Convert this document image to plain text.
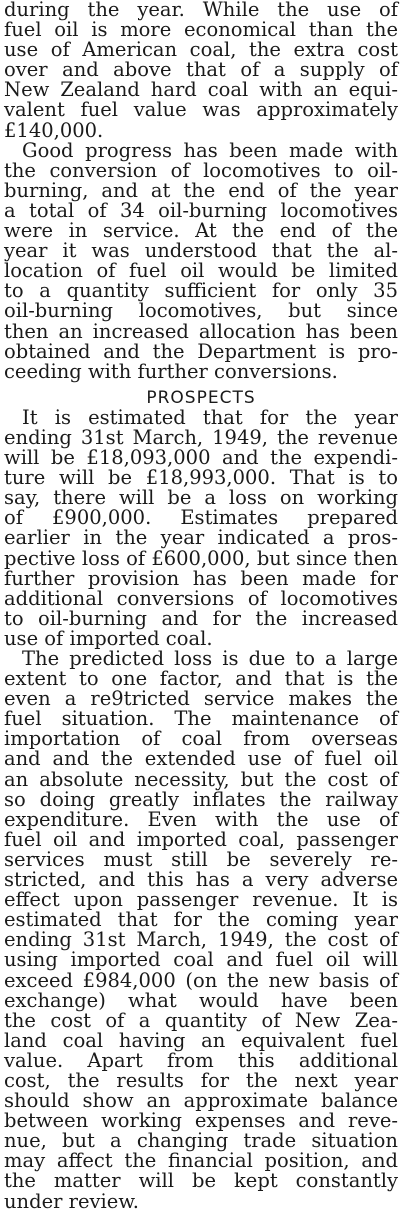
during the year. While the use of
fuel oil is more economical than the
use of American coal, the extra cost
over and above that of a supply of
New Zealand hard coal with an equi-
valent fuel value was approximately
£140,000.
Good progress has been made with
the conversion of locomotives to oil-
burning, and at the end of the year
a total of 34 oil-burning locomotives
were in service. At the end of the
year it was understood that the al-
location of fuel oil would be limited
to a quantity sufficient for only 35
oil-burning locomotives, but since
then an increased allocation has been
obtained and the Department is pro-
ceeding with further conversions.
PROSPECTS
It is estimated that for the year
ending 31st March, 1949, the revenue
will be £18,093,000 and the expendi-
ture will be £18,993,000. That is to
say, there will be a loss on working
of £900,000. Estimates prepared
earlier in the year indicated a pros-
pective loss of £600,000, but since then
further provision has been made for
additional conversions of locomotives
to oil-burning and for the increased
use of imported coal.
The predicted loss is due to a large
extent to one factor, and that is the
even a re9tricted service makes the
fuel situation. The maintenance of
importation of coal from overseas
and and the extended use of fuel oil
an absolute necessity, but the cost of
so doing greatly inflates the railway
expenditure. Even with the use of
fuel oil and imported coal, passenger
services must still be severely re-
stricted, and this has a very adverse
effect upon passenger revenue. It is
estimated that for the coming year
ending 31st March, 1949, the cost of
using imported coal and fuel oil will
exceed £984,000 (on the new basis of
exchange) what would have been
the cost of a quantity of New Zea-
land coal having an equivalent fuel
value. Apart from this additional
cost, the results for the next year
should show an approximate balance
between working expenses and reve-
nue, but a changing trade situation
may affect the financial position, and
the matter will be kept constantly
under review.
